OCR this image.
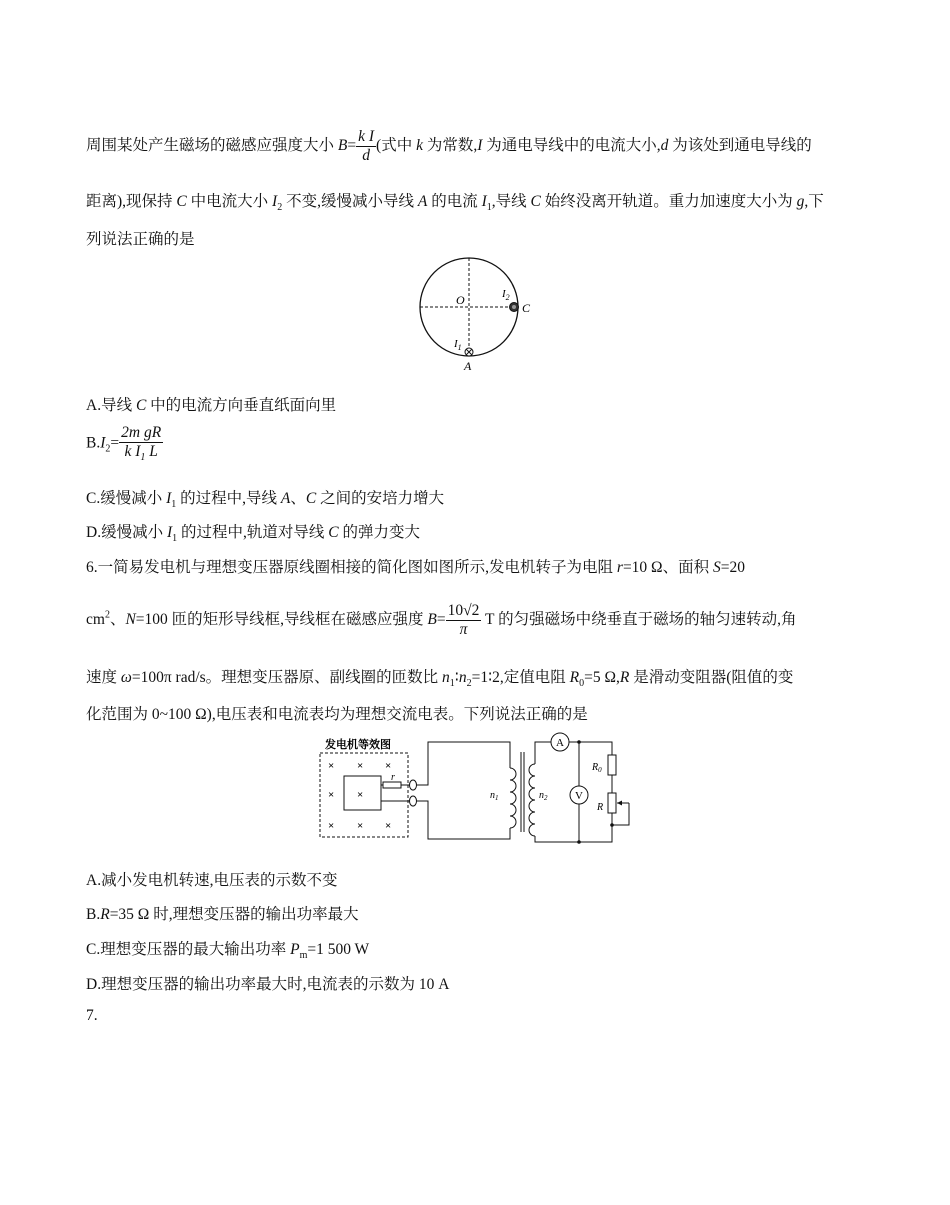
周围某处产生磁场的磁感应强度大小 $B= \frac{\text{k I}}{d}$ (式中 k 为常数,I 为通电导线中的电流大小,d 为该处到通电导线的
距离),现保持 C 中电流大小 $I_2$ 不变,缓慢减小导线 A 的电流 $I_1$,导线 C 始终没离开轨道。重力加速度大小为 g,下
列说法正确的是
O	$I_2$
C
$I_1$
A
A.导线 C 中的电流方向垂直纸面向里
$B.I_2= \frac{\text{2m gR}}{k I_1 L}$
C.缓慢减小 $I_1$ 的过程中,导线 A、C 之间的安培力增大
D.缓慢减小 $I_1$ 的过程中,轨道对导线 C 的弹力变大
6.一简易发电机与理想变压器原线圈相接的简化图如图所示,发电机转子为电阻 r=10 Ω、面积 S=20
$cm^2$、N=100 匝的矩形导线框,导线框在磁感应强度 $B= \frac{10√2}{\pi}$ T 的匀强磁场中绕垂直于磁场的轴匀速转动,角
速度 ω=100π rad/s。理想变压器原、副线圈的匝数比 $n_1∶n_2=1∶2$,定值电阻 $R_0=5$ Ω,R 是滑动变阻器(阻值的变
化范围为 0~100 Ω),电压表和电流表均为理想交流电表。下列说法正确的是
发电机等效图
× × ×
× ×
× × ×
r
$n_1$	$n_2$
A
V
$R_0$
R
A.减小发电机转速,电压表的示数不变
B.R=35 Ω 时,理想变压器的输出功率最大
C.理想变压器的最大输出功率 $P_m=1$ 500 W
D.理想变压器的输出功率最大时,电流表的示数为 10 A
7.
